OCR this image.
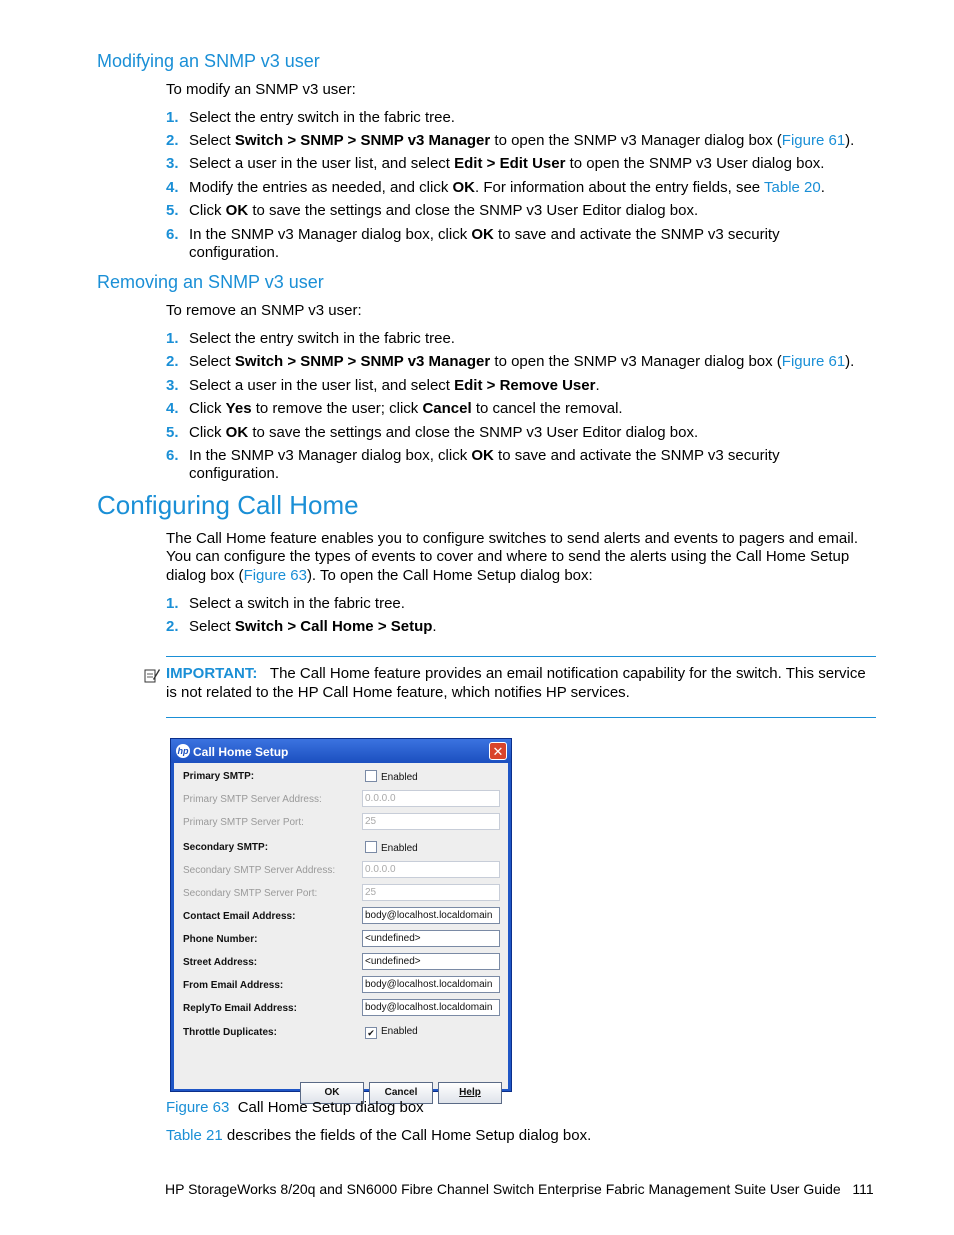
Modifying an SNMP v3 user
To modify an SNMP v3 user:
1. Select the entry switch in the fabric tree.
2. Select Switch > SNMP > SNMP v3 Manager to open the SNMP v3 Manager dialog box (Figure 61).
3. Select a user in the user list, and select Edit > Edit User to open the SNMP v3 User dialog box.
4. Modify the entries as needed, and click OK. For information about the entry fields, see Table 20.
5. Click OK to save the settings and close the SNMP v3 User Editor dialog box.
6. In the SNMP v3 Manager dialog box, click OK to save and activate the SNMP v3 security
configuration.
Removing an SNMP v3 user
To remove an SNMP v3 user:
1. Select the entry switch in the fabric tree.
2. Select Switch > SNMP > SNMP v3 Manager to open the SNMP v3 Manager dialog box (Figure 61).
3. Select a user in the user list, and select Edit > Remove User.
4. Click Yes to remove the user; click Cancel to cancel the removal.
5. Click OK to save the settings and close the SNMP v3 User Editor dialog box.
6. In the SNMP v3 Manager dialog box, click OK to save and activate the SNMP v3 security
configuration.
Configuring Call Home
The Call Home feature enables you to configure switches to send alerts and events to pagers and email.
You can configure the types of events to cover and where to send the alerts using the Call Home Setup
dialog box (Figure 63). To open the Call Home Setup dialog box:
1. Select a switch in the fabric tree.
2. Select Switch > Call Home > Setup.
IMPORTANT: The Call Home feature provides an email notification capability for the switch. This service
is not related to the HP Call Home feature, which notifies HP services.
hp Call Home Setup	✕
Primary SMTP:	Enabled
Primary SMTP Server Address:	0.0.0.0
Primary SMTP Server Port:	25
Secondary SMTP:	Enabled
Secondary SMTP Server Address:	0.0.0.0
Secondary SMTP Server Port:	25
Contact Email Address:	body@localhost.localdomain
Phone Number:	<undefined>
Street Address:	<undefined>
From Email Address:	body@localhost.localdomain
ReplyTo Email Address:	body@localhost.localdomain
Throttle Duplicates:	✔ Enabled
OK	Cancel	Help
Figure 63 Call Home Setup dialog box
Table 21 describes the fields of the Call Home Setup dialog box.
HP StorageWorks 8/20q and SN6000 Fibre Channel Switch Enterprise Fabric Management Suite User Guide 111
